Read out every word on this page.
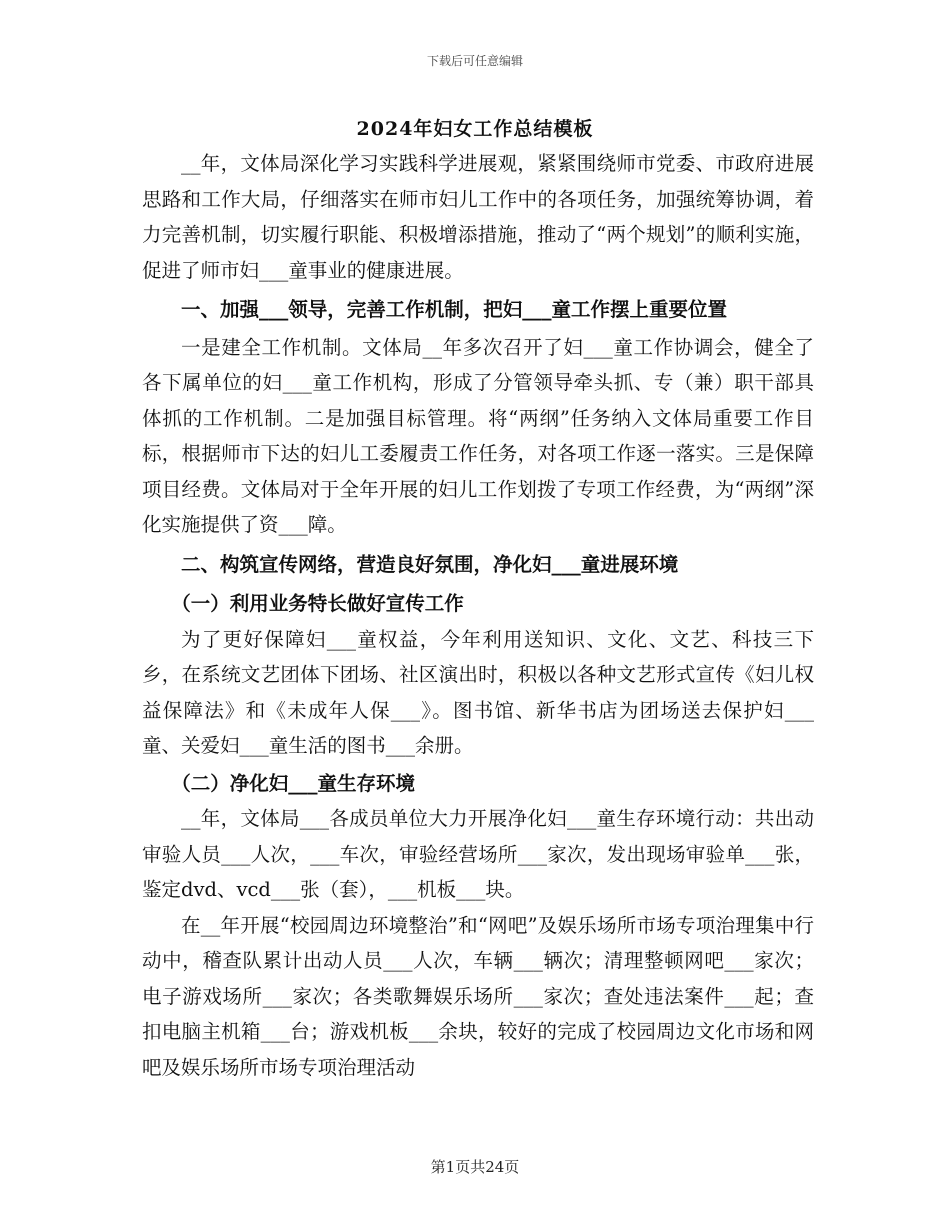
下载后可任意编辑
2024年妇女工作总结模板

__年，文体局深化学习实践科学进展观，紧紧围绕师市党委、市政府进展思路和工作大局，仔细落实在师市妇儿工作中的各项任务，加强统筹协调，着力完善机制，切实履行职能、积极增添措施，推动了“两个规划”的顺利实施，促进了师市妇___童事业的健康进展。

一、加强___领导，完善工作机制，把妇___童工作摆上重要位置

一是建全工作机制。文体局__年多次召开了妇___童工作协调会，健全了各下属单位的妇___童工作机构，形成了分管领导牵头抓、专（兼）职干部具体抓的工作机制。二是加强目标管理。将“两纲”任务纳入文体局重要工作目标，根据师市下达的妇儿工委履责工作任务，对各项工作逐一落实。三是保障项目经费。文体局对于全年开展的妇儿工作划拨了专项工作经费，为“两纲”深化实施提供了资___障。

二、构筑宣传网络，营造良好氛围，净化妇___童进展环境

（一）利用业务特长做好宣传工作

为了更好保障妇___童权益，今年利用送知识、文化、文艺、科技三下乡，在系统文艺团体下团场、社区演出时，积极以各种文艺形式宣传《妇儿权益保障法》和《未成年人保___》。图书馆、新华书店为团场送去保护妇___童、关爱妇___童生活的图书___余册。

（二）净化妇___童生存环境

__年，文体局___各成员单位大力开展净化妇___童生存环境行动：共出动审验人员___人次，___车次，审验经营场所___家次，发出现场审验单___张，鉴定dvd、vcd___张（套），___机板___块。

在__年开展“校园周边环境整治”和“网吧”及娱乐场所市场专项治理集中行动中，稽查队累计出动人员___人次，车辆___辆次；清理整顿网吧___家次；电子游戏场所___家次；各类歌舞娱乐场所___家次；查处违法案件___起；查扣电脑主机箱___台；游戏机板___余块，较好的完成了校园周边文化市场和网吧及娱乐场所市场专项治理活动

第1页共24页
